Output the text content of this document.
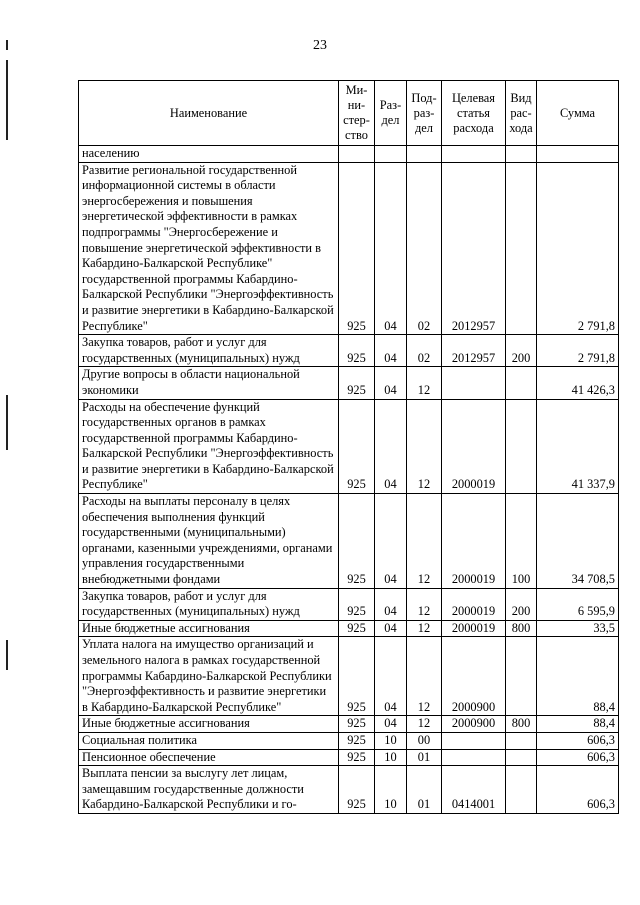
23
Наименование	Ми-ни-стер-ство	Раз-дел	Под-раз-дел	Целевая статья расхода	Вид рас-хода	Сумма
населению						
Развитие региональной государственной информационной системы в области энергосбережения и повышения энергетической эффективности в рамках подпрограммы "Энергосбережение и повышение энергетической эффективности в Кабардино-Балкарской Республике" государственной программы Кабардино-Балкарской Республики "Энергоэффективность и развитие энергетики в Кабардино-Балкарской Республике"	925	04	02	2012957		2 791,8
Закупка товаров, работ и услуг для государственных (муниципальных) нужд	925	04	02	2012957	200	2 791,8
Другие вопросы в области национальной экономики	925	04	12			41 426,3
Расходы на обеспечение функций государственных органов в рамках государственной программы Кабардино-Балкарской Республики "Энергоэффективность и развитие энергетики в Кабардино-Балкарской Республике"	925	04	12	2000019		41 337,9
Расходы на выплаты персоналу в целях обеспечения выполнения функций государственными (муниципальными) органами, казенными учреждениями, органами управления государственными внебюджетными фондами	925	04	12	2000019	100	34 708,5
Закупка товаров, работ и услуг для государственных (муниципальных) нужд	925	04	12	2000019	200	6 595,9
Иные бюджетные ассигнования	925	04	12	2000019	800	33,5
Уплата налога на имущество организаций и земельного налога в рамках государственной программы Кабардино-Балкарской Республики "Энергоэффективность и развитие энергетики в Кабардино-Балкарской Республике"	925	04	12	2000900		88,4
Иные бюджетные ассигнования	925	04	12	2000900	800	88,4
Социальная политика	925	10	00			606,3
Пенсионное обеспечение	925	10	01			606,3
Выплата пенсии за выслугу лет лицам, замещавшим государственные должности Кабардино-Балкарской Республики и го-	925	10	01	0414001		606,3
